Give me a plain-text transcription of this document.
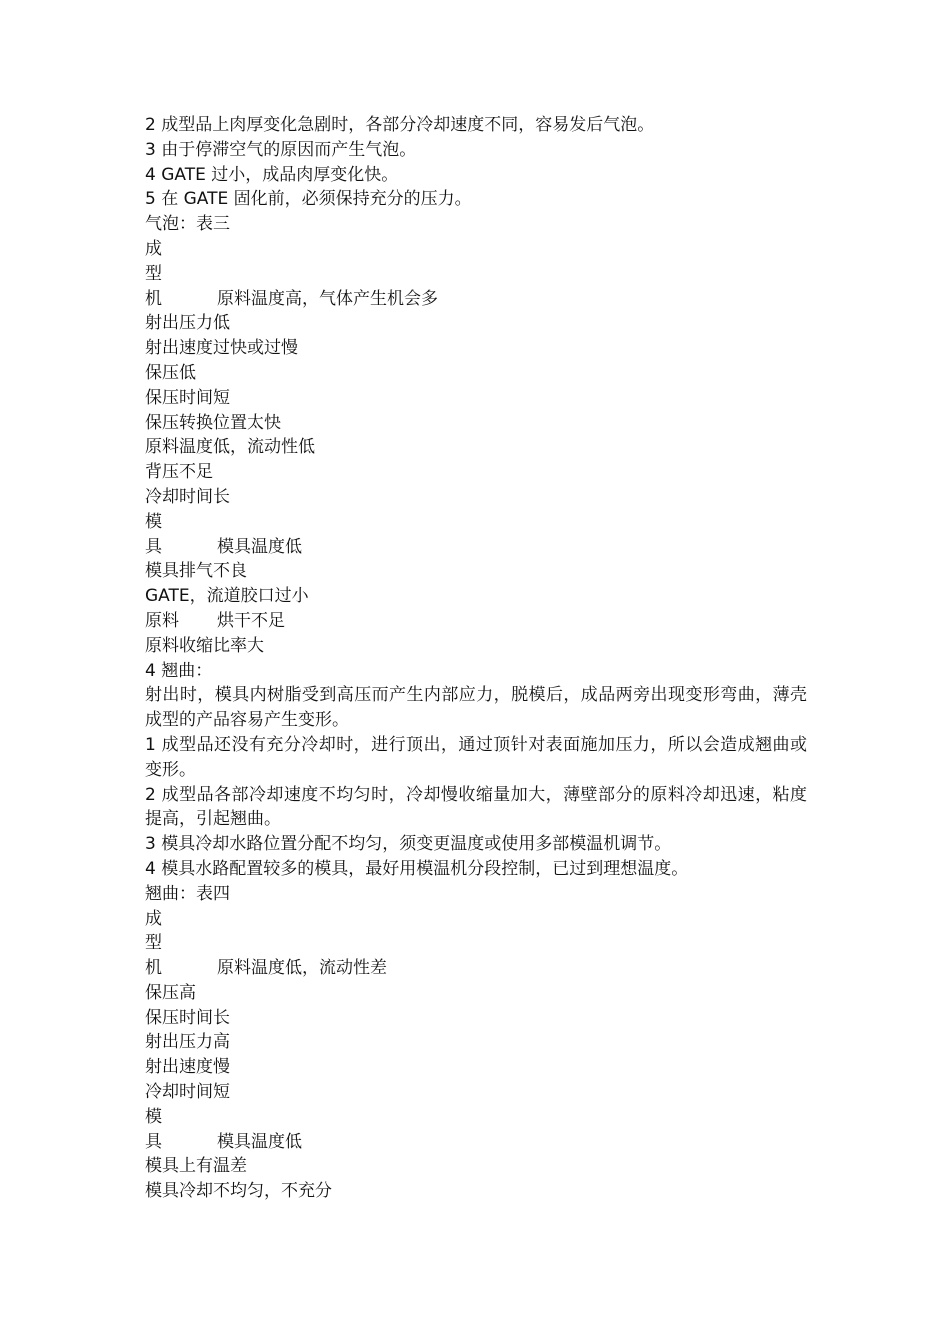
2 成型品上肉厚变化急剧时，各部分冷却速度不同，容易发后气泡。
3 由于停滞空气的原因而产生气泡。
4 GATE 过小，成品肉厚变化快。
5 在 GATE 固化前，必须保持充分的压力。
气泡：表三
成
型
机	原料温度高，气体产生机会多
射出压力低
射出速度过快或过慢
保压低
保压时间短
保压转换位置太快
原料温度低，流动性低
背压不足
冷却时间长
模
具	模具温度低
模具排气不良
GATE，流道胶口过小
原料 烘干不足
原料收缩比率大
4 翘曲：
射出时，模具内树脂受到高压而产生内部应力，脱模后，成品两旁出现变形弯曲，薄壳成型的产品容易产生变形。
1 成型品还没有充分冷却时，进行顶出，通过顶针对表面施加压力，所以会造成翘曲或变形。
2 成型品各部冷却速度不均匀时，冷却慢收缩量加大，薄壁部分的原料冷却迅速，粘度提高，引起翘曲。
3 模具冷却水路位置分配不均匀，须变更温度或使用多部模温机调节。
4 模具水路配置较多的模具，最好用模温机分段控制，已过到理想温度。
翘曲：表四
成
型
机	原料温度低，流动性差
保压高
保压时间长
射出压力高
射出速度慢
冷却时间短
模
具	模具温度低
模具上有温差
模具冷却不均匀，不充分
